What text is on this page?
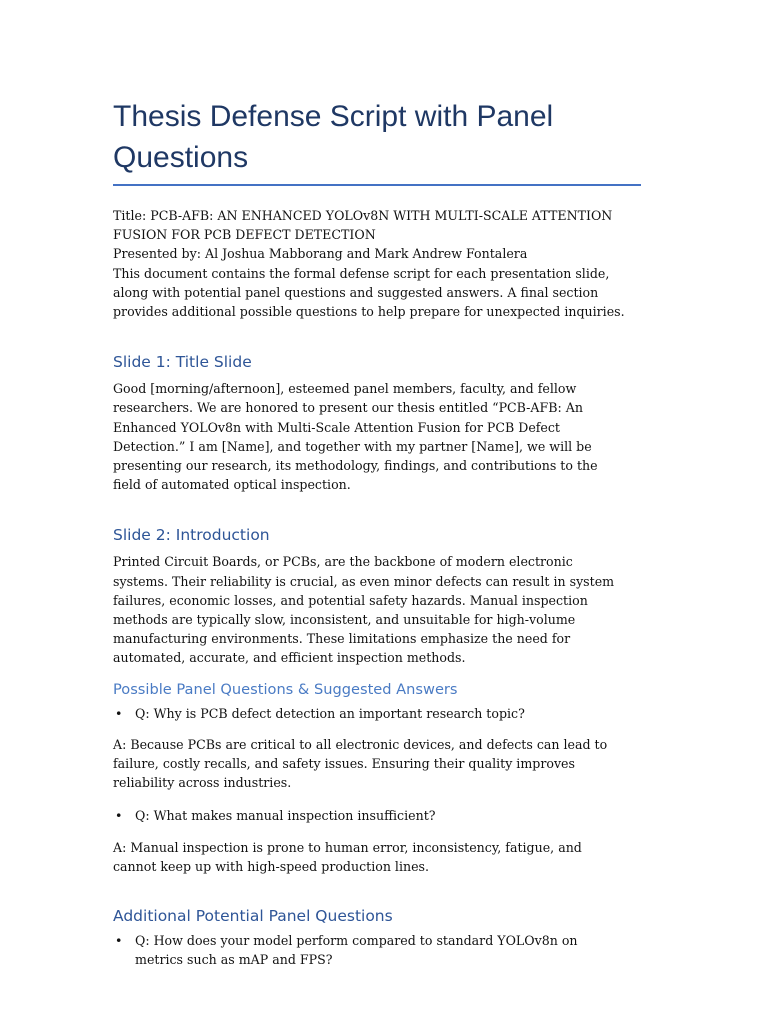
Thesis Defense Script with Panel Questions

Title: PCB-AFB: AN ENHANCED YOLOv8N WITH MULTI-SCALE ATTENTION FUSION FOR PCB DEFECT DETECTION

Presented by: Al Joshua Mabborang and Mark Andrew Fontalera

This document contains the formal defense script for each presentation slide, along with potential panel questions and suggested answers. A final section provides additional possible questions to help prepare for unexpected inquiries.

Slide 1: Title Slide

Good [morning/afternoon], esteemed panel members, faculty, and fellow researchers. We are honored to present our thesis entitled “PCB-AFB: An Enhanced YOLOv8n with Multi-Scale Attention Fusion for PCB Defect Detection.” I am [Name], and together with my partner [Name], we will be presenting our research, its methodology, findings, and contributions to the field of automated optical inspection.

Slide 2: Introduction

Printed Circuit Boards, or PCBs, are the backbone of modern electronic systems. Their reliability is crucial, as even minor defects can result in system failures, economic losses, and potential safety hazards. Manual inspection methods are typically slow, inconsistent, and unsuitable for high-volume manufacturing environments. These limitations emphasize the need for automated, accurate, and efficient inspection methods.

Possible Panel Questions & Suggested Answers
• Q: Why is PCB defect detection an important research topic?

A: Because PCBs are critical to all electronic devices, and defects can lead to failure, costly recalls, and safety issues. Ensuring their quality improves reliability across industries.

• Q: What makes manual inspection insufficient?

A: Manual inspection is prone to human error, inconsistency, fatigue, and cannot keep up with high-speed production lines.

Additional Potential Panel Questions
• Q: How does your model perform compared to standard YOLOv8n on metrics such as mAP and FPS?
